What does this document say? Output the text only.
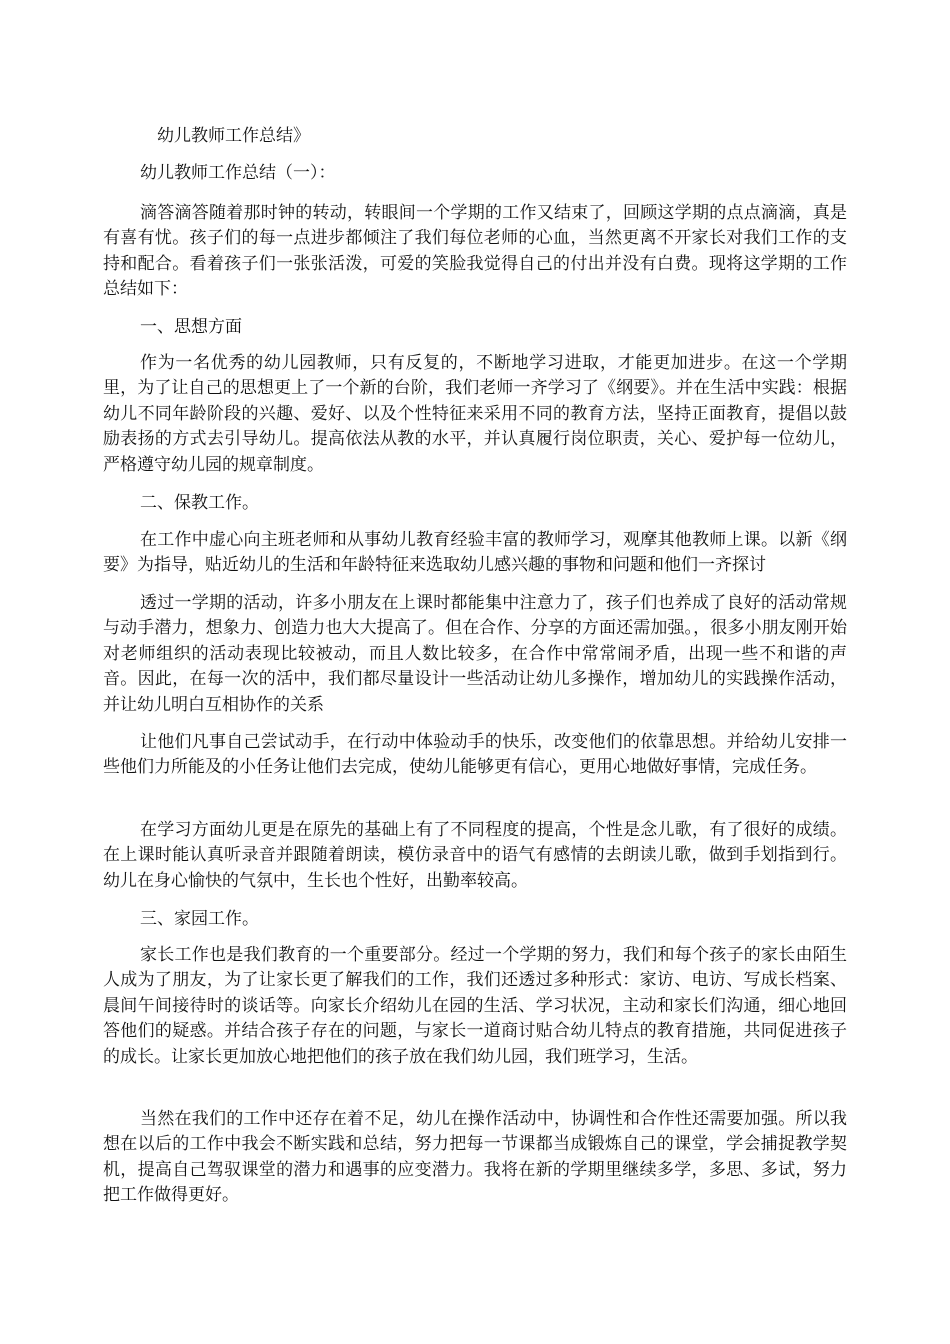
幼儿教师工作总结》
幼儿教师工作总结（一）：

滴答滴答随着那时钟的转动，转眼间一个学期的工作又结束了，回顾这学期的点点滴滴，真是有喜有忧。孩子们的每一点进步都倾注了我们每位老师的心血，当然更离不开家长对我们工作的支持和配合。看着孩子们一张张活泼，可爱的笑脸我觉得自己的付出并没有白费。现将这学期的工作总结如下：

一、思想方面

作为一名优秀的幼儿园教师，只有反复的，不断地学习进取，才能更加进步。在这一个学期里，为了让自己的思想更上了一个新的台阶，我们老师一齐学习了《纲要》。并在生活中实践：根据幼儿不同年龄阶段的兴趣、爱好、以及个性特征来采用不同的教育方法，坚持正面教育，提倡以鼓励表扬的方式去引导幼儿。提高依法从教的水平，并认真履行岗位职责，关心、爱护每一位幼儿，严格遵守幼儿园的规章制度。

二、保教工作。

在工作中虚心向主班老师和从事幼儿教育经验丰富的教师学习，观摩其他教师上课。以新《纲要》为指导，贴近幼儿的生活和年龄特征来选取幼儿感兴趣的事物和问题和他们一齐探讨

透过一学期的活动，许多小朋友在上课时都能集中注意力了，孩子们也养成了良好的活动常规与动手潜力，想象力、创造力也大大提高了。但在合作、分享的方面还需加强。，很多小朋友刚开始对老师组织的活动表现比较被动，而且人数比较多，在合作中常常闹矛盾，出现一些不和谐的声音。因此，在每一次的活中，我们都尽量设计一些活动让幼儿多操作，增加幼儿的实践操作活动，并让幼儿明白互相协作的关系

让他们凡事自己尝试动手，在行动中体验动手的快乐，改变他们的依靠思想。并给幼儿安排一些他们力所能及的小任务让他们去完成，使幼儿能够更有信心，更用心地做好事情，完成任务。

在学习方面幼儿更是在原先的基础上有了不同程度的提高，个性是念儿歌，有了很好的成绩。在上课时能认真听录音并跟随着朗读，模仿录音中的语气有感情的去朗读儿歌，做到手划指到行。幼儿在身心愉快的气氛中，生长也个性好，出勤率较高。

三、家园工作。

家长工作也是我们教育的一个重要部分。经过一个学期的努力，我们和每个孩子的家长由陌生人成为了朋友，为了让家长更了解我们的工作，我们还透过多种形式：家访、电访、写成长档案、晨间午间接待时的谈话等。向家长介绍幼儿在园的生活、学习状况，主动和家长们沟通，细心地回答他们的疑惑。并结合孩子存在的问题，与家长一道商讨贴合幼儿特点的教育措施，共同促进孩子的成长。让家长更加放心地把他们的孩子放在我们幼儿园，我们班学习，生活。

当然在我们的工作中还存在着不足，幼儿在操作活动中，协调性和合作性还需要加强。所以我想在以后的工作中我会不断实践和总结，努力把每一节课都当成锻炼自己的课堂，学会捕捉教学契机，提高自己驾驭课堂的潜力和遇事的应变潜力。我将在新的学期里继续多学，多思、多试，努力把工作做得更好。
